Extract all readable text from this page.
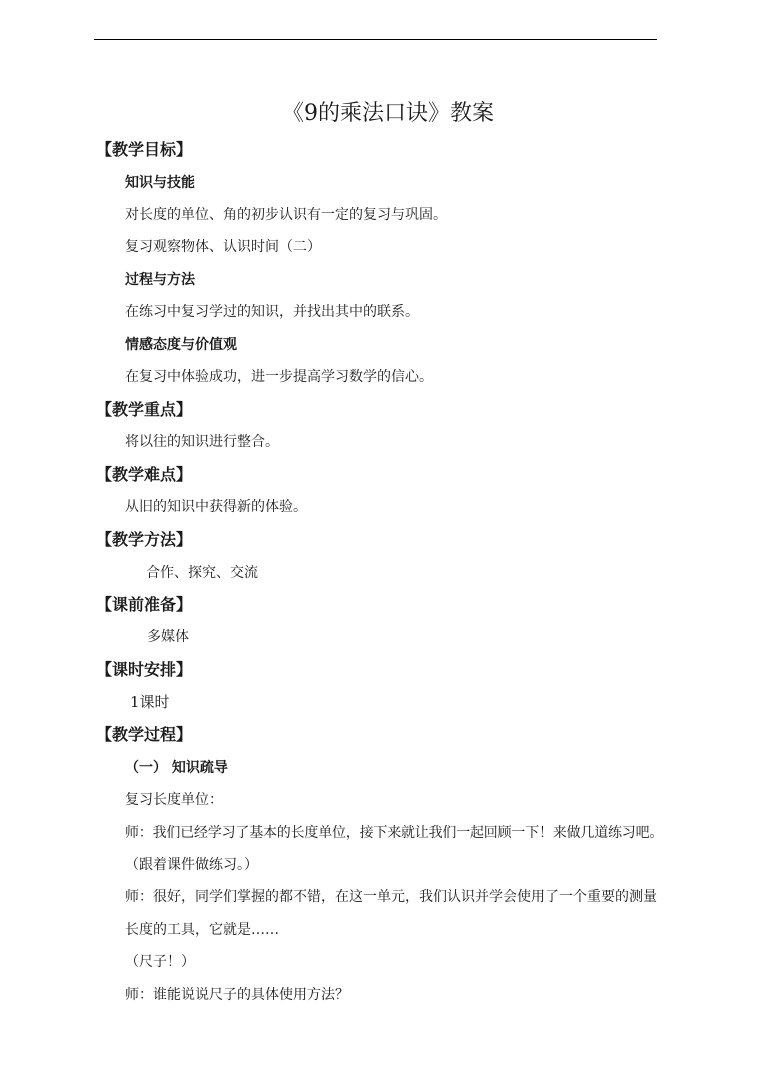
《9的乘法口诀》教案
【教学目标】
知识与技能
对长度的单位、角的初步认识有一定的复习与巩固。
复习观察物体、认识时间（二）
过程与方法
在练习中复习学过的知识，并找出其中的联系。
情感态度与价值观
在复习中体验成功，进一步提高学习数学的信心。
【教学重点】
将以往的知识进行整合。
【教学难点】
从旧的知识中获得新的体验。
【教学方法】
合作、探究、交流
【课前准备】
多媒体
【课时安排】
1课时
【教学过程】
（一） 知识疏导
复习长度单位：
师：我们已经学习了基本的长度单位，接下来就让我们一起回顾一下！来做几道练习吧。
（跟着课件做练习。）
师：很好，同学们掌握的都不错，在这一单元，我们认识并学会使用了一个重要的测量
长度的工具，它就是……
（尺子！）
师：谁能说说尺子的具体使用方法？
